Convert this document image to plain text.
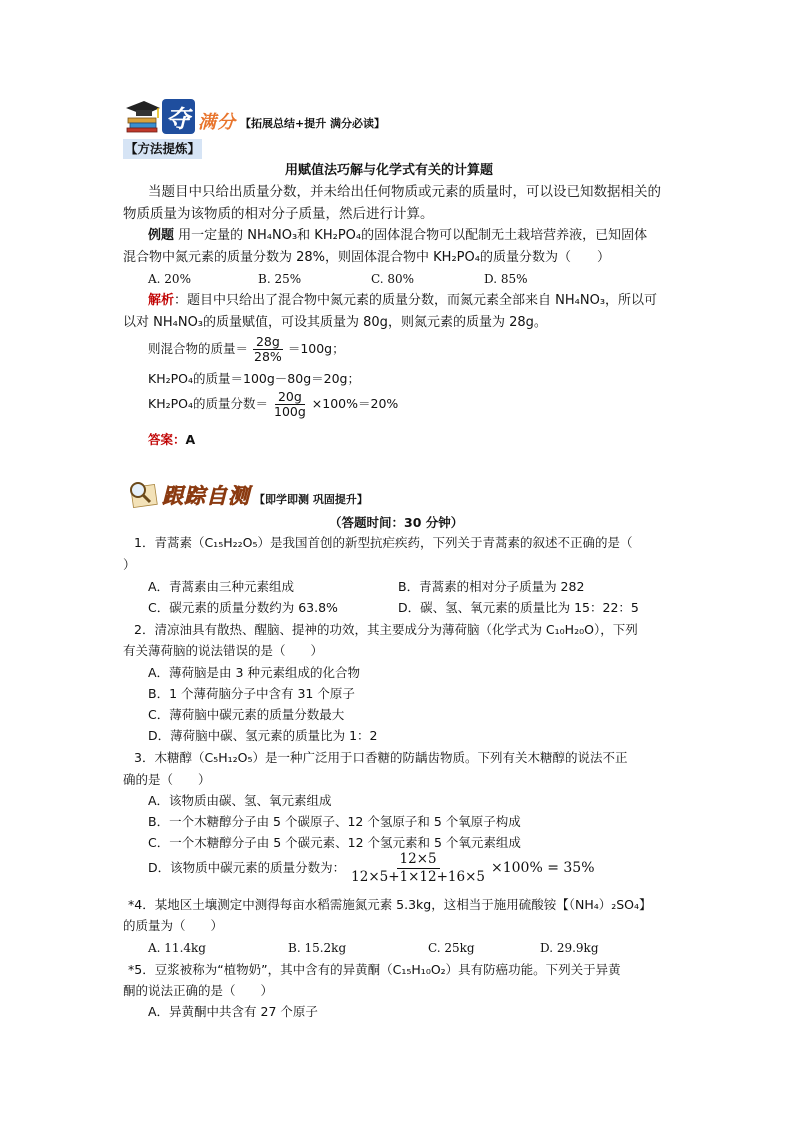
夺 满分 【拓展总结+提升 满分必读】
【方法提炼】
用赋值法巧解与化学式有关的计算题
当题目中只给出质量分数，并未给出任何物质或元素的质量时，可以设已知数据相关的
物质质量为该物质的相对分子质量，然后进行计算。
例题 用一定量的 NH₄NO₃和 KH₂PO₄的固体混合物可以配制无土栽培营养液，已知固体
混合物中氮元素的质量分数为 28%，则固体混合物中 KH₂PO₄的质量分数为（　　）
A. 20%	B. 25%	C. 80%	D. 85%
解析：题目中只给出了混合物中氮元素的质量分数，而氮元素全部来自 NH₄NO₃，所以可
以对 NH₄NO₃的质量赋值，可设其质量为 80g，则氮元素的质量为 28g。
则混合物的质量＝ $\frac{28g}{28\%} =100g$；
KH₂PO₄的质量＝100g－80g＝20g；
KH₂PO₄的质量分数＝ $\frac{20g}{100g} \times 100\%=20\%$
答案：A
跟踪自测 【即学即测 巩固提升】
（答题时间：30 分钟）
1．青蒿素（C₁₅H₂₂O₅）是我国首创的新型抗疟疾药，下列关于青蒿素的叙述不正确的是（
）
A．青蒿素由三种元素组成	B．青蒿素的相对分子质量为 282
C．碳元素的质量分数约为 63.8%	D．碳、氢、氧元素的质量比为 15：22：5
2．清凉油具有散热、醒脑、提神的功效，其主要成分为薄荷脑（化学式为 C₁₀H₂₀O），下列
有关薄荷脑的说法错误的是（　　）
A．薄荷脑是由 3 种元素组成的化合物
B．1 个薄荷脑分子中含有 31 个原子
C．薄荷脑中碳元素的质量分数最大
D．薄荷脑中碳、氢元素的质量比为 1：2
3．木糖醇（C₅H₁₂O₅）是一种广泛用于口香糖的防龋齿物质。下列有关木糖醇的说法不正
确的是（　　）
A．该物质由碳、氢、氧元素组成
B．一个木糖醇分子由 5 个碳原子、12 个氢原子和 5 个氧原子构成
C．一个木糖醇分子由 5 个碳元素、12 个氢元素和 5 个氧元素组成
D．该物质中碳元素的质量分数为： $\frac{12\times 5}{12\times 5+1\times 12+16\times 5} \times 100\% = 35\%$
*4．某地区土壤测定中测得每亩水稻需施氮元素 5.3kg，这相当于施用硫酸铵【（NH₄）₂SO₄】
的质量为（　　）
A. 11.4kg	B. 15.2kg	C. 25kg	D. 29.9kg
*5．豆浆被称为“植物奶”，其中含有的异黄酮（C₁₅H₁₀O₂）具有防癌功能。下列关于异黄
酮的说法正确的是（　　）
A．异黄酮中共含有 27 个原子
